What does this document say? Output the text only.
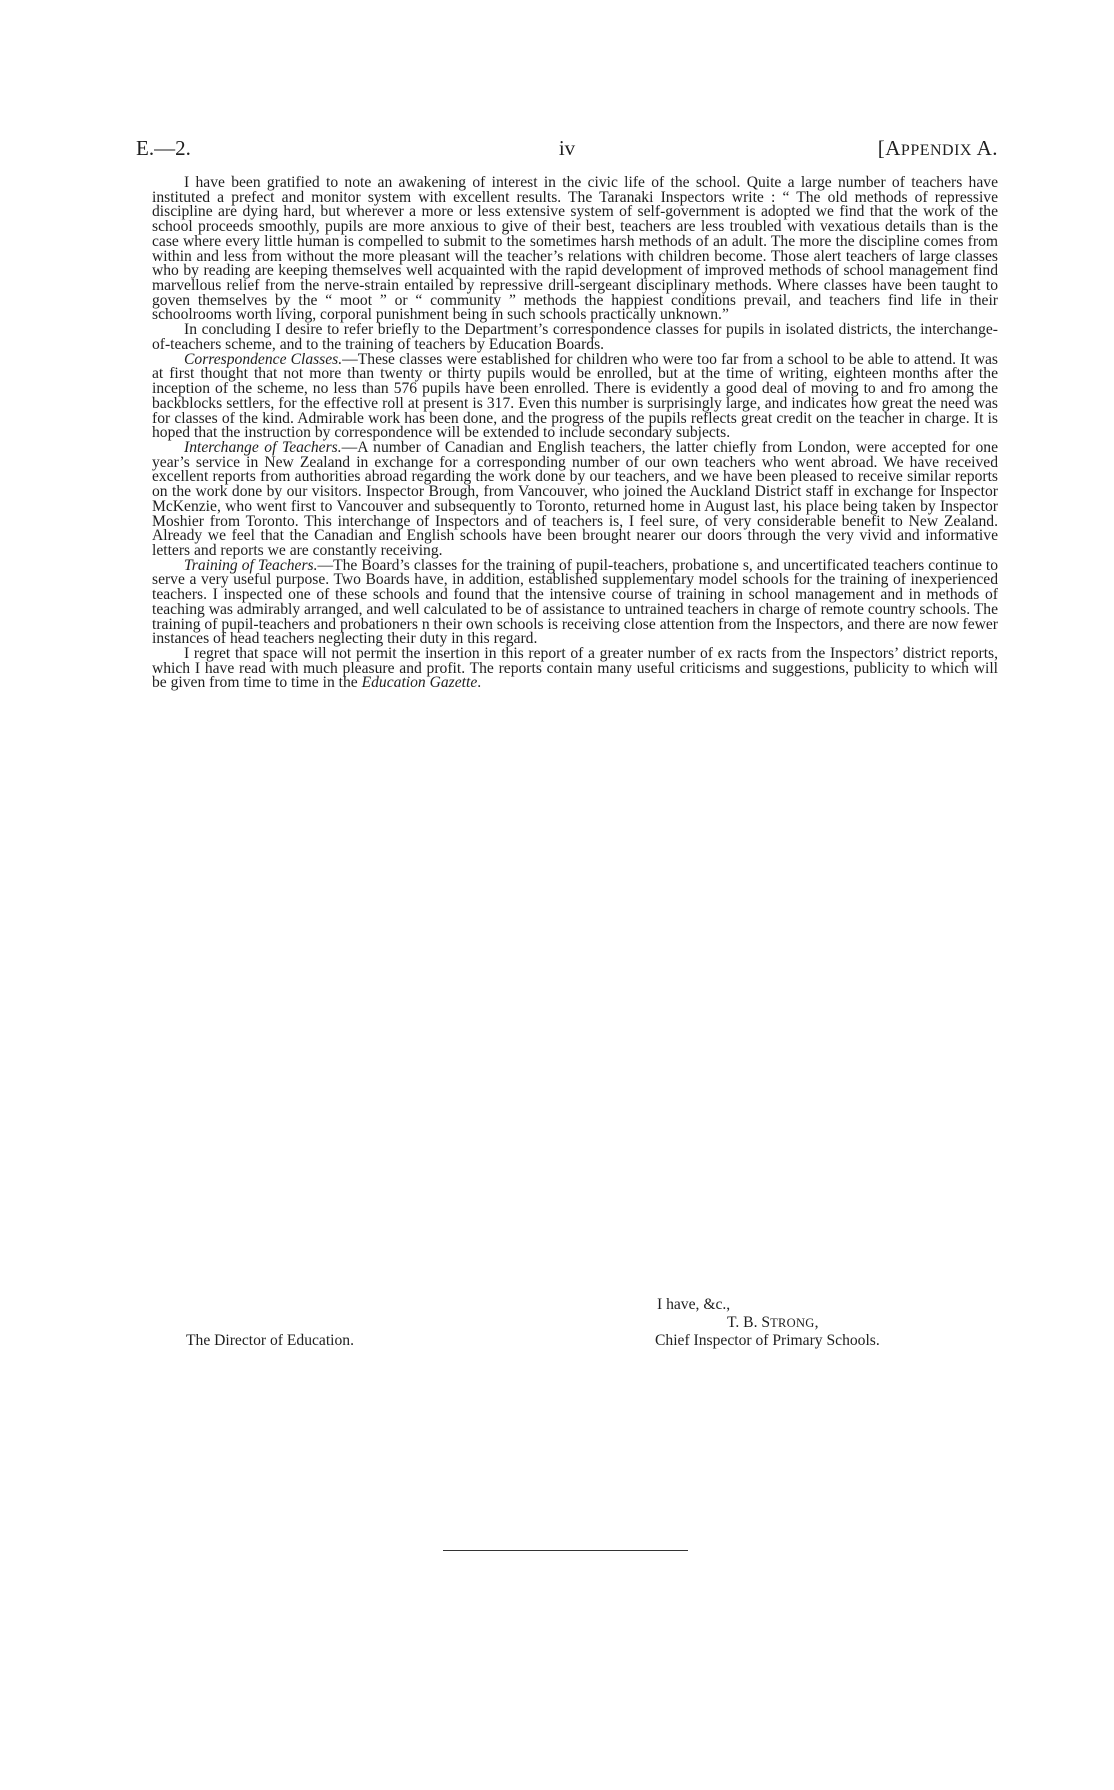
E.—2.	iv	[APPENDIX A.

I have been gratified to note an awakening of interest in the civic life of the school. Quite a large number of teachers have instituted a prefect and monitor system with excellent results. The Taranaki Inspectors write : “ The old methods of repressive discipline are dying hard, but wherever a more or less extensive system of self-government is adopted we find that the work of the school proceeds smoothly, pupils are more anxious to give of their best, teachers are less troubled with vexatious details than is the case where every little human is compelled to submit to the sometimes harsh methods of an adult. The more the discipline comes from within and less from without the more pleasant will the teacher’s relations with children become. Those alert teachers of large classes who by reading are keeping themselves well acquainted with the rapid development of improved methods of school management find marvellous relief from the nerve-strain entailed by repressive drill-sergeant disciplinary methods. Where classes have been taught to goven themselves by the “ moot ” or “ community ” methods the happiest conditions prevail, and teachers find life in their schoolrooms worth living, corporal punishment being in such schools practically unknown.”

In concluding I desire to refer briefly to the Department’s correspondence classes for pupils in isolated districts, the interchange-of-teachers scheme, and to the training of teachers by Education Boards.

Correspondence Classes.—These classes were established for children who were too far from a school to be able to attend. It was at first thought that not more than twenty or thirty pupils would be enrolled, but at the time of writing, eighteen months after the inception of the scheme, no less than 576 pupils have been enrolled. There is evidently a good deal of moving to and fro among the backblocks settlers, for the effective roll at present is 317. Even this number is surprisingly large, and indicates how great the need was for classes of the kind. Admirable work has been done, and the progress of the pupils reflects great credit on the teacher in charge. It is hoped that the instruction by correspondence will be extended to include secondary subjects.

Interchange of Teachers.—A number of Canadian and English teachers, the latter chiefly from London, were accepted for one year’s service in New Zealand in exchange for a corresponding number of our own teachers who went abroad. We have received excellent reports from authorities abroad regarding the work done by our teachers, and we have been pleased to receive similar reports on the work done by our visitors. Inspector Brough, from Vancouver, who joined the Auckland District staff in exchange for Inspector McKenzie, who went first to Vancouver and subsequently to Toronto, returned home in August last, his place being taken by Inspector Moshier from Toronto. This interchange of Inspectors and of teachers is, I feel sure, of very considerable benefit to New Zealand. Already we feel that the Canadian and English schools have been brought nearer our doors through the very vivid and informative letters and reports we are constantly receiving.

Training of Teachers.—The Board’s classes for the training of pupil-teachers, probatione s, and uncertificated teachers continue to serve a very useful purpose. Two Boards have, in addition, established supplementary model schools for the training of inexperienced teachers. I inspected one of these schools and found that the intensive course of training in school management and in methods of teaching was admirably arranged, and well calculated to be of assistance to untrained teachers in charge of remote country schools. The training of pupil-teachers and probationers n their own schools is receiving close attention from the Inspectors, and there are now fewer instances of head teachers neglecting their duty in this regard.

I regret that space will not permit the insertion in this report of a greater number of ex racts from the Inspectors’ district reports, which I have read with much pleasure and profit. The reports contain many useful criticisms and suggestions, publicity to which will be given from time to time in the Education Gazette.

I have, &c.,
T. B. STRONG,
Chief Inspector of Primary Schools.
The Director of Education.
